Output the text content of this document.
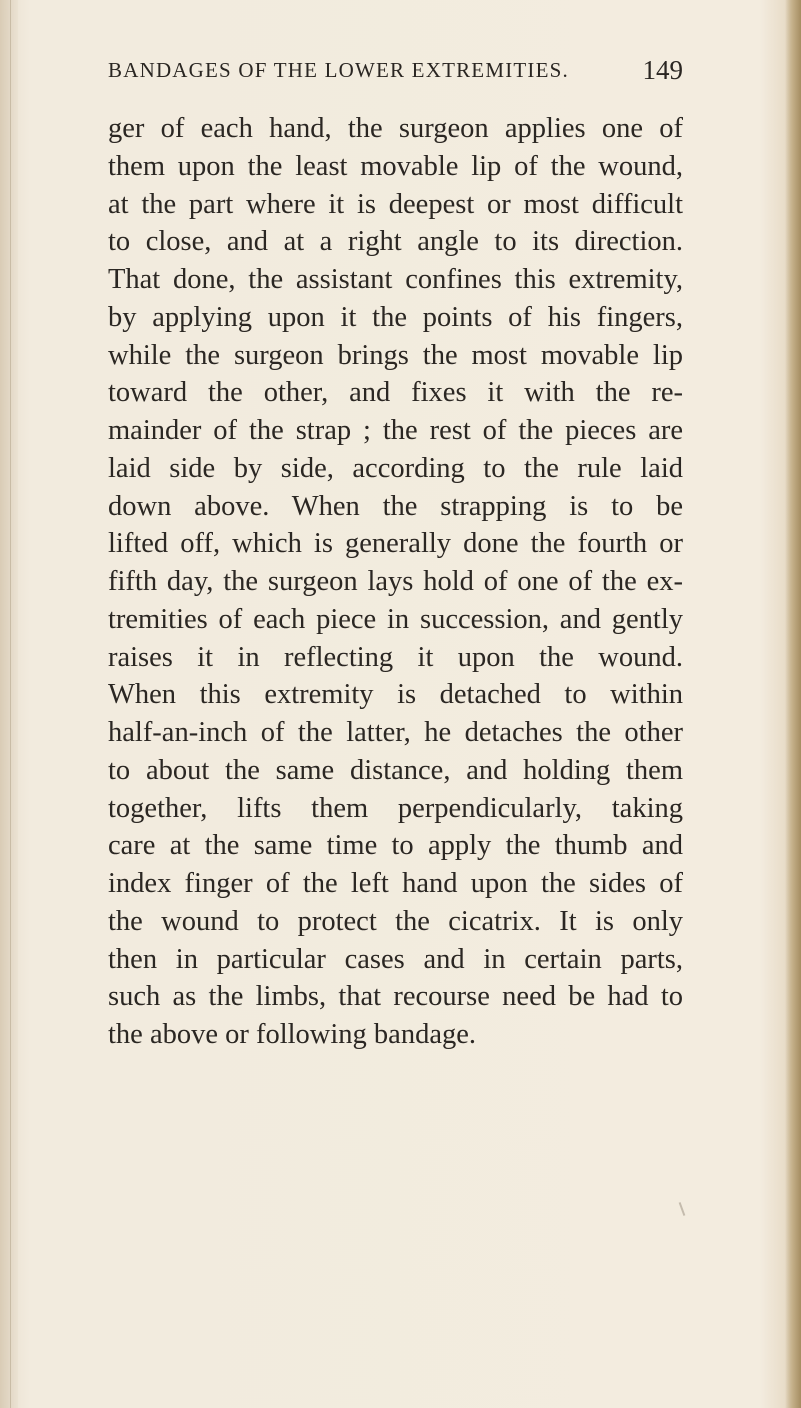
BANDAGES OF THE LOWER EXTREMITIES.	149
ger of each hand, the surgeon applies one of
them upon the least movable lip of the wound,
at the part where it is deepest or most difficult
to close, and at a right angle to its direction.
That done, the assistant confines this extremity,
by applying upon it the points of his fingers,
while the surgeon brings the most movable lip
toward the other, and fixes it with the re-
mainder of the strap ; the rest of the pieces are
laid side by side, according to the rule laid
down above. When the strapping is to be
lifted off, which is generally done the fourth or
fifth day, the surgeon lays hold of one of the ex-
tremities of each piece in succession, and gently
raises it in reflecting it upon the wound.
When this extremity is detached to within
half-an-inch of the latter, he detaches the other
to about the same distance, and holding them
together, lifts them perpendicularly, taking
care at the same time to apply the thumb and
index finger of the left hand upon the sides of
the wound to protect the cicatrix. It is only
then in particular cases and in certain parts,
such as the limbs, that recourse need be had to
the above or following bandage.
